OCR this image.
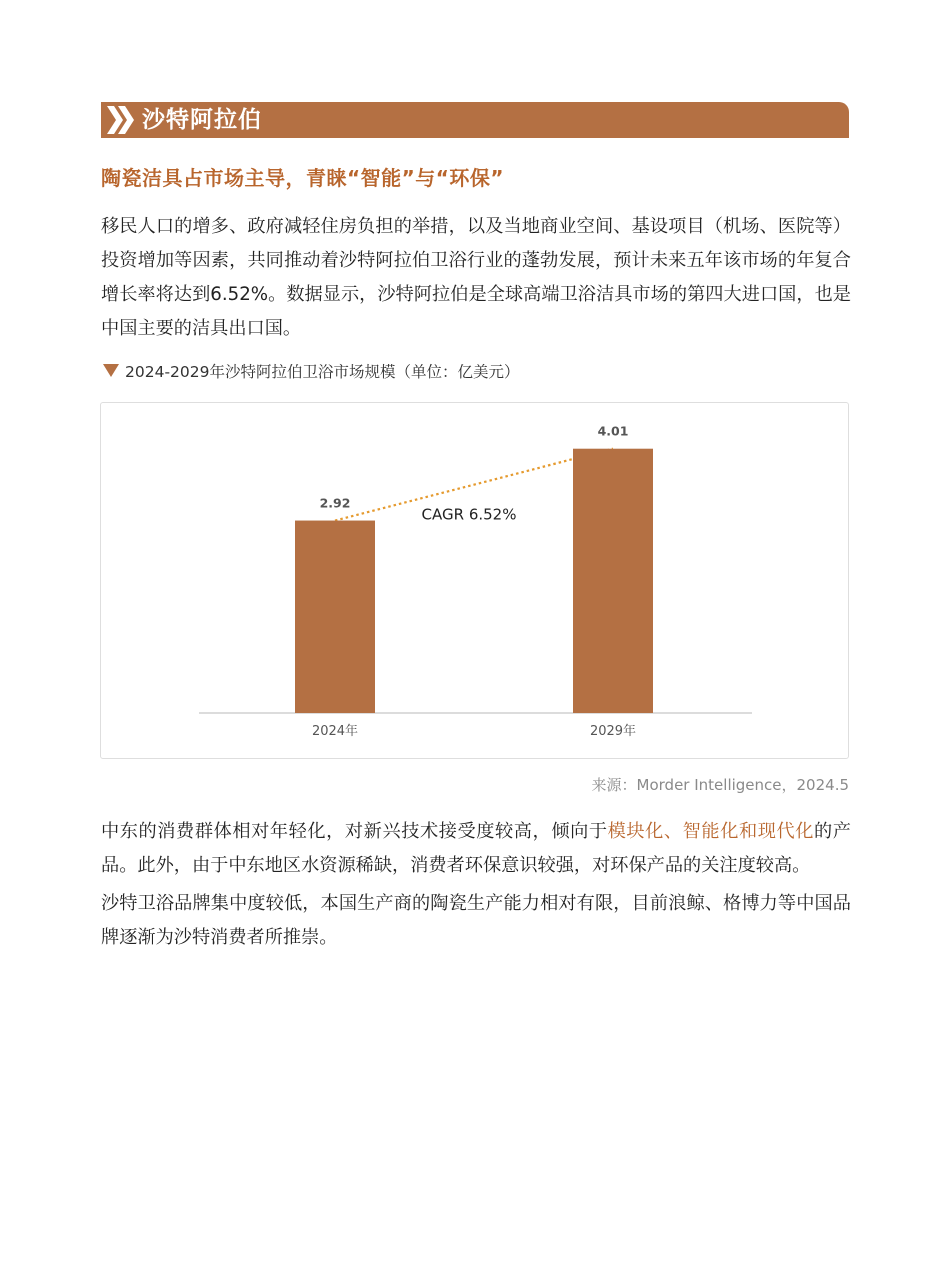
沙特阿拉伯
陶瓷洁具占市场主导，青睐“智能”与“环保”

移民人口的增多、政府减轻住房负担的举措，以及当地商业空间、基设项目（机场、医院等）投资增加等因素，共同推动着沙特阿拉伯卫浴行业的蓬勃发展，预计未来五年该市场的年复合增长率将达到6.52%。数据显示，沙特阿拉伯是全球高端卫浴洁具市场的第四大进口国，也是中国主要的洁具出口国。

2024-2029年沙特阿拉伯卫浴市场规模（单位：亿美元）
2.92
4.01
2024年	2029年
CAGR 6.52%
来源：Morder Intelligence，2024.5

中东的消费群体相对年轻化，对新兴技术接受度较高，倾向于模块化、智能化和现代化的产品。此外，由于中东地区水资源稀缺，消费者环保意识较强，对环保产品的关注度较高。

沙特卫浴品牌集中度较低，本国生产商的陶瓷生产能力相对有限，目前浪鲸、格博力等中国品牌逐渐为沙特消费者所推崇。
